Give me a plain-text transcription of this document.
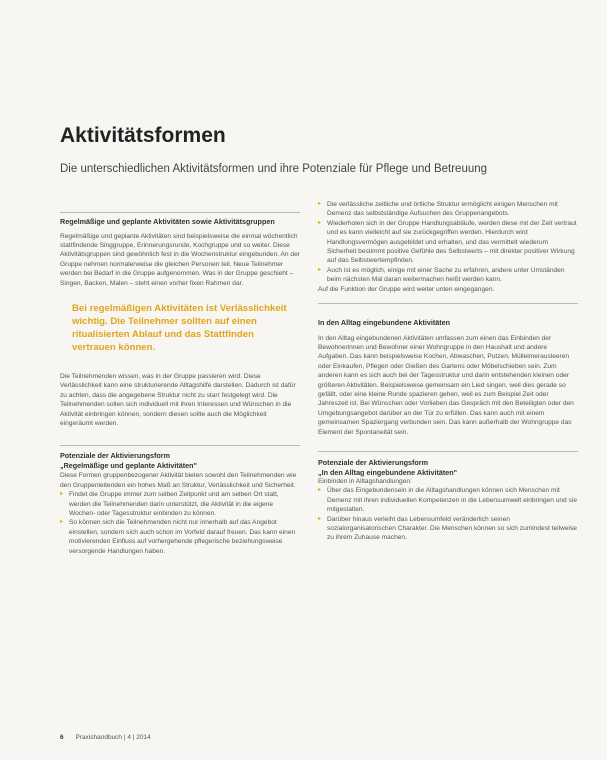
Aktivitätsformen
Die unterschiedlichen Aktivitätsformen und ihre Potenziale für Pflege und Betreuung

Regelmäßige und geplante Aktivitäten sowie Aktivitätsgruppen

Regelmäßige und geplante Aktivitäten sind beispielsweise die einmal wöchentlich stattfindende Singgruppe, Erinnerungsrunde, Kochgruppe und so weiter. Diese Aktivitätsgruppen sind gewöhnlich fest in die Wochenstruktur eingebunden. An der Gruppe nehmen normalerweise die gleichen Personen teil. Neue Teilnehmer werden bei Bedarf in die Gruppe aufgenommen. Was in der Gruppe geschieht – Singen, Backen, Malen – steht einen vorher fixen Rahmen dar.

Bei regelmäßigen Aktivitäten ist Verlässlichkeit wichtig. Die Teilnehmer sollten auf einen ritualisierten Ablauf und das Stattfinden vertrauen können.

Die Teilnehmenden wissen, was in der Gruppe passieren wird. Diese Verlässlichkeit kann eine strukturierende Alltagshilfe darstellen. Dadurch ist dafür zu achten, dass die angegebene Struktur nicht zu starr festgelegt wird. Die Teilnehmenden sollen sich individuell mit ihren Interessen und Wünschen in die Aktivität einbringen können, sondern diesen sollte auch die Möglichkeit eingeräumt werden.

Potenziale der Aktivierungsform

„Regelmäßige und geplante Aktivitäten"

Diese Formen gruppenbezogener Aktivität bieten sowohl den Teilnehmenden wie den Gruppenleitenden ein hohes Maß an Struktur, Verlässlichkeit und Sicherheit.

▸ Findet die Gruppe immer zum selben Zeitpunkt und am selben Ort statt, werden die Teilnehmenden darin unterstützt, die Aktivität in die eigene Wochen- oder Tagesstruktur einbinden zu können.

▸ So können sich die Teilnehmenden nicht nur innerhalb auf das Angebot einstellen, sondern sich auch schon im Vorfeld darauf freuen. Das kann einen motivierenden Einfluss auf vorhergehende pflegerische beziehungsweise versorgende Handlungen haben.

▸ Die verlässliche zeitliche und örtliche Struktur ermöglicht einigen Menschen mit Demenz das selbstständige Aufsuchen des Gruppenangebots.

▸ Wiederholen sich in der Gruppe Handlungsabläufe, werden diese mit der Zeit vertraut und es kann vielleicht auf sie zurückgegriffen werden. Hierdurch wird Handlungsvermögen ausgebildet und erhalten, und das vermittelt wiederum Sicherheit bestimmt positive Gefühle des Selbstwerts – mit direkter positiver Wirkung auf das Selbstwertempfinden.

▸ Auch ist es möglich, einige mit einer Sache zu erfahren, andere unter Umständen beim nächsten Mal daran weitermachen heißt werden kann.

Auf die Funktion der Gruppe wird weiter unten eingegangen.

In den Alltag eingebundene Aktivitäten

In den Alltag eingebundenen Aktivitäten umfassen zum einen das Einbinden der Bewohnerinnen und Bewohner einer Wohngruppe in den Haushalt und andere Aufgaben. Das kann beispielsweise Kochen, Abwaschen, Putzen, Mülleimerausleeren oder Einkaufen, Pflegen oder Gießen des Gartens oder Möbelschieben sein. Zum anderen kann es sich auch bei der Tagesstruktur und darin entstehenden kleinen oder größeren Aktivitäten. Beispielsweise gemeinsam ein Lied singen, weil dies gerade so gefällt, oder eine kleine Runde spazieren gehen, weil es zum Beispiel Zeit oder Jahreszeit ist. Bei Wünschen oder Vorlieben das Gespräch mit den Beteiligten oder den Umgebungsangebot darüber an der Tür zu erfüllen. Das kann auch mit einem gemeinsamen Spaziergang verbunden sein. Das kann außerhalb der Wohngruppe das Element der Spontaneität sein.

Potenziale der Aktivierungsform

„In den Alltag eingebundene Aktivitäten"

Einbinden in Alltagshandlungen:

▸ Über das Eingebundensein in die Alltagshandlungen können sich Menschen mit Demenz mit ihren individuellen Kompetenzen in die Lebensumwelt einbringen und sie mitgestalten.

▸ Darüber hinaus verleiht das Lebensumfeld veränderlich seinen sozialorganisatorischen Charakter. Die Menschen können so sich zumindest teilweise zu ihrem Zuhause machen.

6 Praxishandbuch | 4 | 2014
